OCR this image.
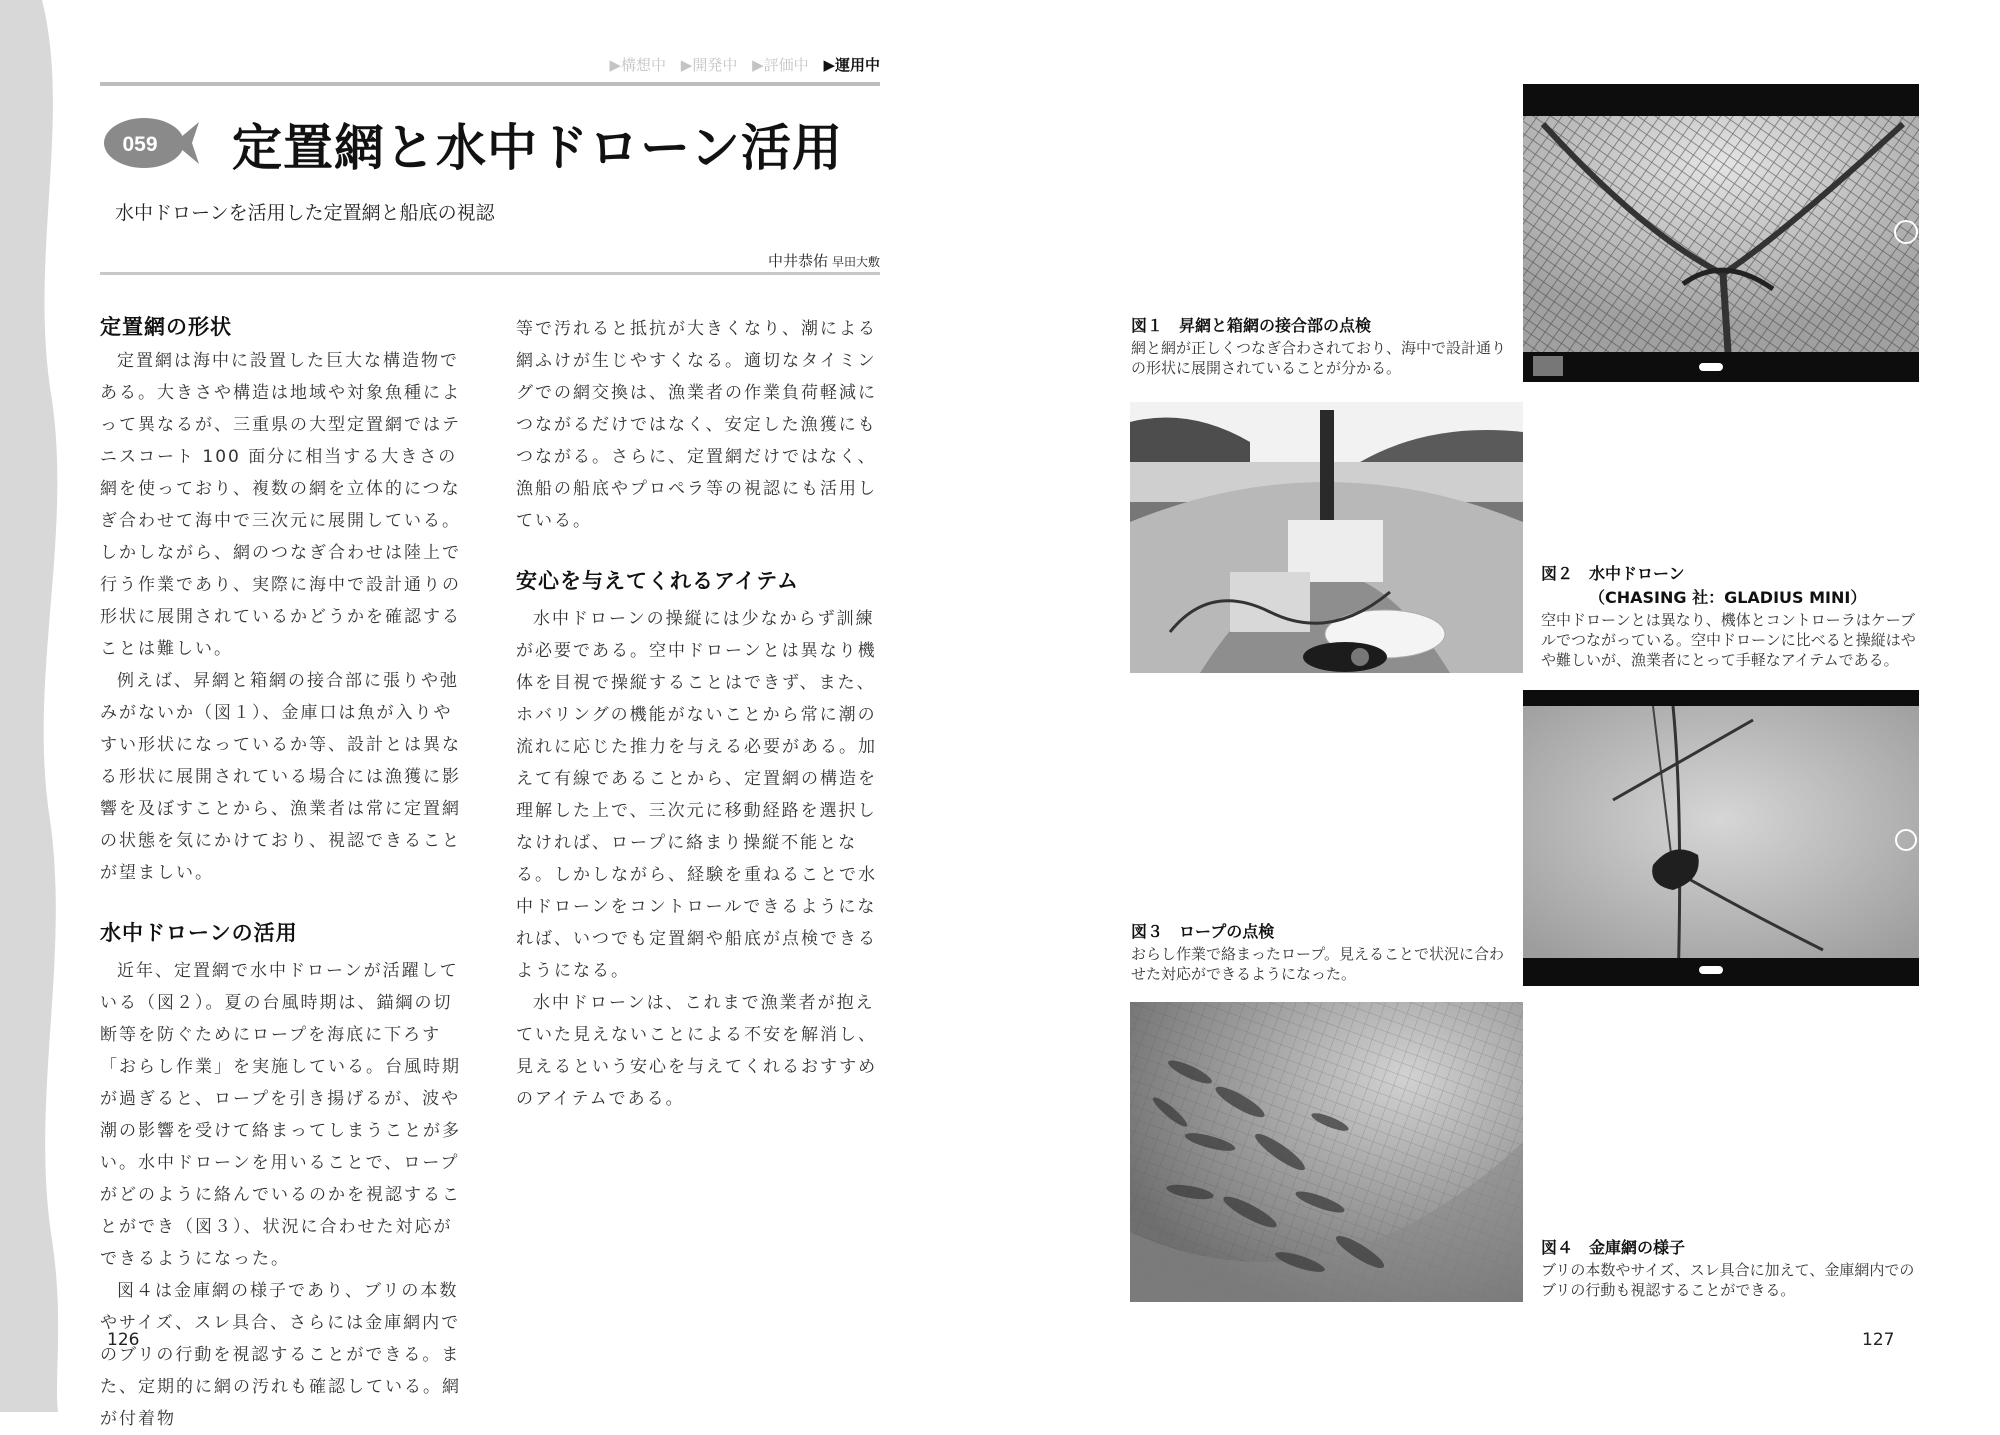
▶構想中 ▶開発中 ▶評価中 ▶運用中
059 定置網と水中ドローン活用
水中ドローンを活用した定置網と船底の視認
中井恭佑 早田大敷
定置網の形状

定置網は海中に設置した巨大な構造物である。大きさや構造は地域や対象魚種によって異なるが、三重県の大型定置網ではテニスコート 100 面分に相当する大きさの網を使っており、複数の網を立体的につなぎ合わせて海中で三次元に展開している。しかしながら、網のつなぎ合わせは陸上で行う作業であり、実際に海中で設計通りの形状に展開されているかどうかを確認することは難しい。

例えば、昇網と箱網の接合部に張りや弛みがないか（図１）、金庫口は魚が入りやすい形状になっているか等、設計とは異なる形状に展開されている場合には漁獲に影響を及ぼすことから、漁業者は常に定置網の状態を気にかけており、視認できることが望ましい。

水中ドローンの活用

近年、定置網で水中ドローンが活躍している（図２）。夏の台風時期は、錨綱の切断等を防ぐためにロープを海底に下ろす「おらし作業」を実施している。台風時期が過ぎると、ロープを引き揚げるが、波や潮の影響を受けて絡まってしまうことが多い。水中ドローンを用いることで、ロープがどのように絡んでいるのかを視認することができ（図３）、状況に合わせた対応ができるようになった。

図４は金庫網の様子であり、ブリの本数やサイズ、スレ具合、さらには金庫網内でのブリの行動を視認することができる。また、定期的に網の汚れも確認している。網が付着物

等で汚れると抵抗が大きくなり、潮による網ふけが生じやすくなる。適切なタイミングでの網交換は、漁業者の作業負荷軽減につながるだけではなく、安定した漁獲にもつながる。さらに、定置網だけではなく、漁船の船底やプロペラ等の視認にも活用している。

安心を与えてくれるアイテム

水中ドローンの操縦には少なからず訓練が必要である。空中ドローンとは異なり機体を目視で操縦することはできず、また、ホバリングの機能がないことから常に潮の流れに応じた推力を与える必要がある。加えて有線であることから、定置網の構造を理解した上で、三次元に移動経路を選択しなければ、ロープに絡まり操縦不能となる。しかしながら、経験を重ねることで水中ドローンをコントロールできるようになれば、いつでも定置網や船底が点検できるようになる。

水中ドローンは、これまで漁業者が抱えていた見えないことによる不安を解消し、見えるという安心を与えてくれるおすすめのアイテムである。

126	127
図１　昇網と箱網の接合部の点検
網と網が正しくつなぎ合わされており、海中で設計通りの形状に展開されていることが分かる。
図２　水中ドローン
（CHASING 社：GLADIUS MINI）
空中ドローンとは異なり、機体とコントローラはケーブルでつながっている。空中ドローンに比べると操縦はやや難しいが、漁業者にとって手軽なアイテムである。
図３　ロープの点検
おらし作業で絡まったロープ。見えることで状況に合わせた対応ができるようになった。
図４　金庫網の様子
ブリの本数やサイズ、スレ具合に加えて、金庫網内でのブリの行動も視認することができる。
